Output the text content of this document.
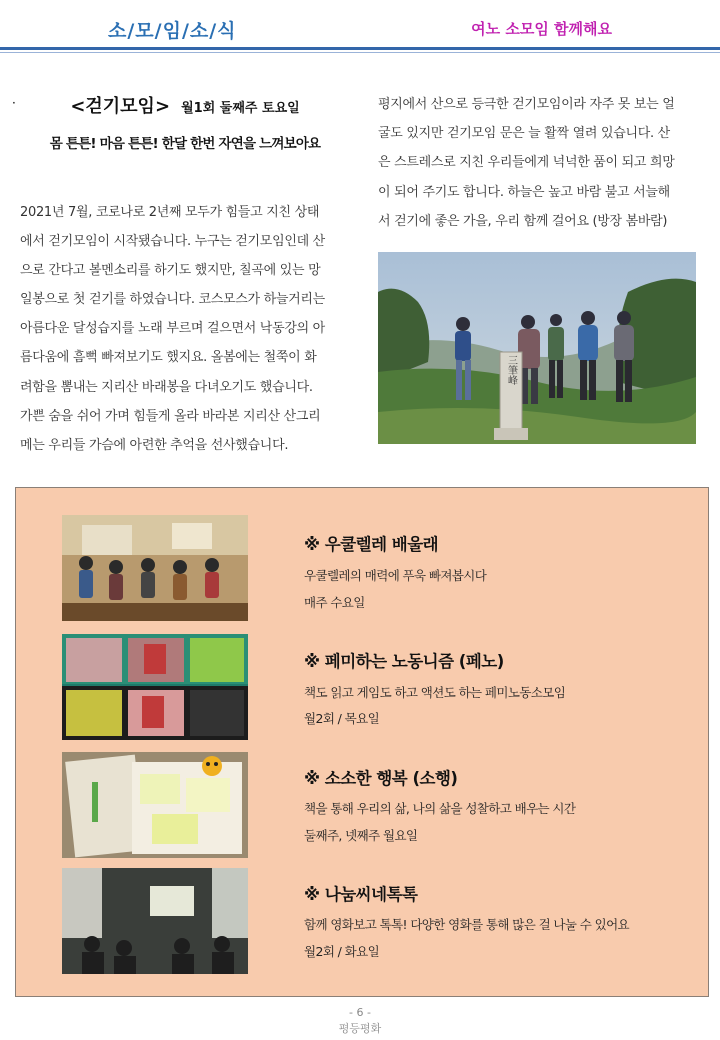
소/모/임/소/식	여노 소모임 함께해요
·	<걷기모임> 월1회 둘째주 토요일
몸 튼튼! 마음 튼튼! 한달 한번 자연을 느껴보아요
2021년 7월, 코로나로 2년째 모두가 힘들고 지친 상태
에서 걷기모임이 시작됐습니다. 누구는 걷기모임인데 산
으로 간다고 볼멘소리를 하기도 했지만, 칠곡에 있는 망
일봉으로 첫 걷기를 하였습니다. 코스모스가 하늘거리는
아름다운 달성습지를 노래 부르며 걸으면서 낙동강의 아
름다움에 흠뻑 빠져보기도 했지요. 올봄에는 철쭉이 화
려함을 뽐내는 지리산 바래봉을 다녀오기도 했습니다.
가쁜 숨을 쉬어 가며 힘들게 올라 바라본 지리산 산그리
메는 우리들 가슴에 아련한 추억을 선사했습니다.
평지에서 산으로 등극한 걷기모임이라 자주 못 보는 얼
굴도 있지만 걷기모임 문은 늘 활짝 열려 있습니다. 산
은 스트레스로 지친 우리들에게 넉넉한 품이 되고 희망
이 되어 주기도 합니다. 하늘은 높고 바람 불고 서늘해
서 걷기에 좋은 가을, 우리 함께 걸어요 (방장 봄바람)
三筆峰
※ 우쿨렐레 배울래
우쿨렐레의 매력에 푸욱 빠져봅시다
매주 수요일
※ 페미하는 노동니즘 (페노)
책도 읽고 게임도 하고 액션도 하는 페미노동소모임
월2회 / 목요일
※ 소소한 행복 (소행)
책을 통해 우리의 삶, 나의 삶을 성찰하고 배우는 시간
둘째주, 넷째주 월요일
※ 나눔씨네톡톡
함께 영화보고 톡톡! 다양한 영화를 통해 많은 걸 나눌 수 있어요
월2회 / 화요일
- 6 -
평등평화
